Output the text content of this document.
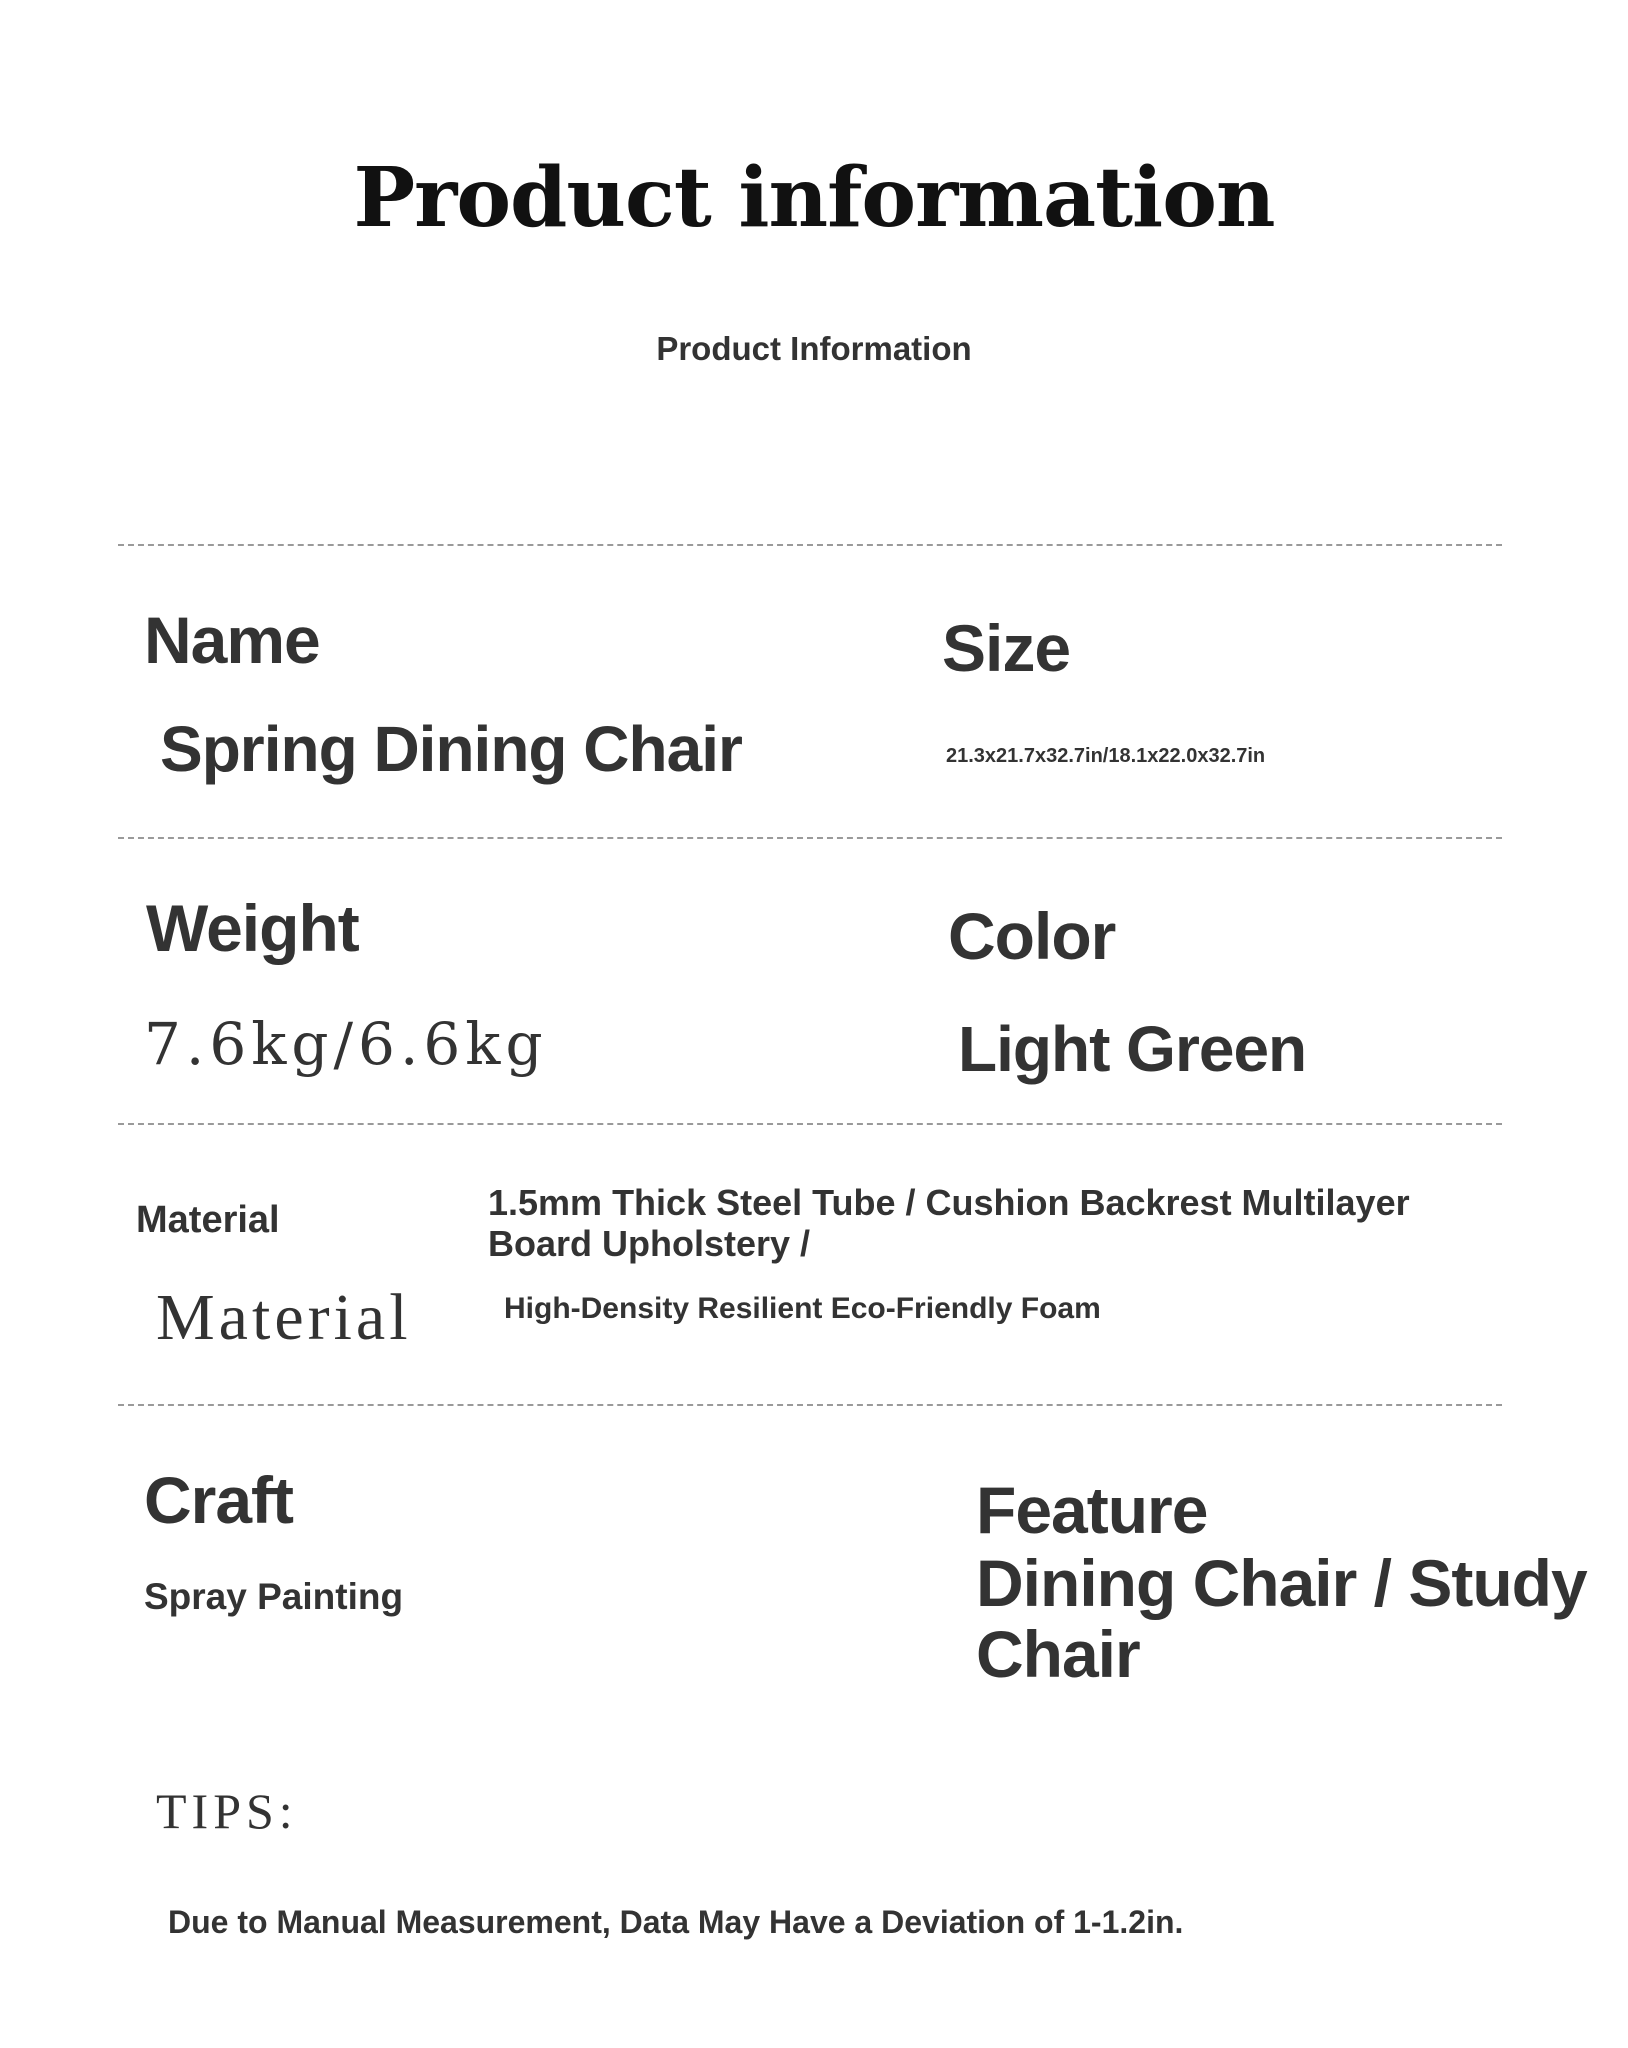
Product information
Product Information
Name
Spring Dining Chair
Size
21.3x21.7x32.7in/18.1x22.0x32.7in
Weight
7.6kg/6.6kg
Color
Light Green
Material
Material
1.5mm Thick Steel Tube / Cushion Backrest Multilayer Board Upholstery /
High-Density Resilient Eco-Friendly Foam
Craft
Spray Painting
Feature
Dining Chair / Study Chair
TIPS:
Due to Manual Measurement, Data May Have a Deviation of 1-1.2in.
